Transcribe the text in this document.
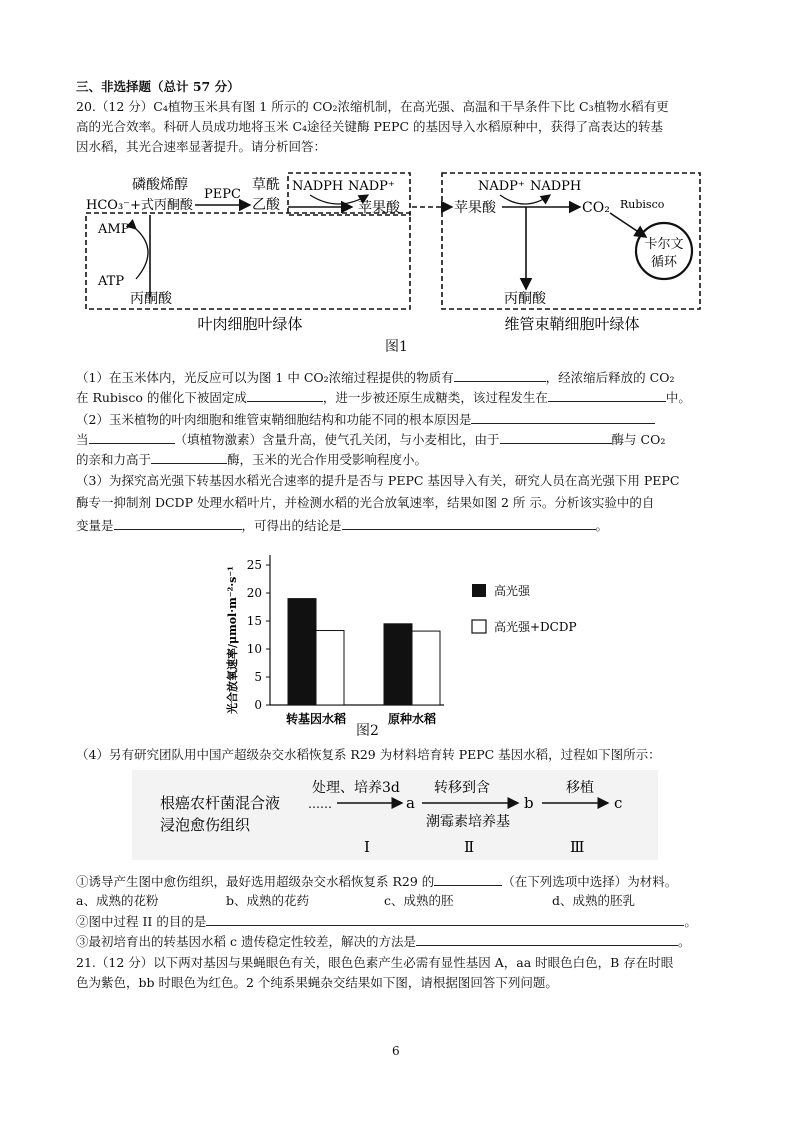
三、非选择题（总计 57 分）
20.（12 分）C₄植物玉米具有图 1 所示的 CO₂浓缩机制，在高光强、高温和干旱条件下比 C₃植物水稻有更
高的光合效率。科研人员成功地将玉米 C₄途径关键酶 PEPC 的基因导入水稻原种中，获得了高表达的转基
因水稻，其光合速率显著提升。请分析回答：
磷酸烯醇
HCO₃⁻+式丙酮酸
PEPC
草酰
乙酸
NADPH NADP⁺
苹果酸	苹果酸
AMP
ATP
丙酮酸
NADP⁺ NADPH
CO₂
丙酮酸
Rubisco
卡尔文
循环
叶肉细胞叶绿体	维管束鞘细胞叶绿体
图1
（1）在玉米体内，光反应可以为图 1 中 CO₂浓缩过程提供的物质有	，经浓缩后释放的 CO₂
在 Rubisco 的催化下被固定成	，进一步被还原生成糖类，该过程发生在	中。
（2）玉米植物的叶肉细胞和维管束鞘细胞结构和功能不同的根本原因是
当	（填植物激素）含量升高，使气孔关闭，与小麦相比，由于	酶与 CO₂
的亲和力高于	酶，玉米的光合作用受影响程度小。
（3）为探究高光强下转基因水稻光合速率的提升是否与 PEPC 基因导入有关，研究人员在高光强下用 PEPC
酶专一抑制剂 DCDP 处理水稻叶片，并检测水稻的光合放氧速率，结果如图 2 所 示。分析该实验中的自
变量是	，可得出的结论是	。
光合放氧速率/μmol·m⁻²·s⁻¹ 0
5
10
15
20
25
转基因水稻	原种水稻
高光强
高光强+DCDP
图2
（4）另有研究团队用中国产超级杂交水稻恢复系 R29 为材料培育转 PEPC 基因水稻，过程如下图所示：
根癌农杆菌混合液
浸泡愈伤组织
……
处理、培养3d
a
转移到含
潮霉素培养基
b
移植
c
Ⅰ	Ⅱ	Ⅲ
①诱导产生图中愈伤组织，最好选用超级杂交水稻恢复系 R29 的	（在下列选项中选择）为材料。
a、成熟的花粉	b、成熟的花药	c、成熟的胚	d、成熟的胚乳
②图中过程 II 的目的是	。
③最初培育出的转基因水稻 c 遗传稳定性较差，解决的方法是	。
21.（12 分）以下两对基因与果蝇眼色有关，眼色色素产生必需有显性基因 A，aa 时眼色白色，B 存在时眼
色为紫色，bb 时眼色为红色。2 个纯系果蝇杂交结果如下图，请根据图回答下列问题。
6
